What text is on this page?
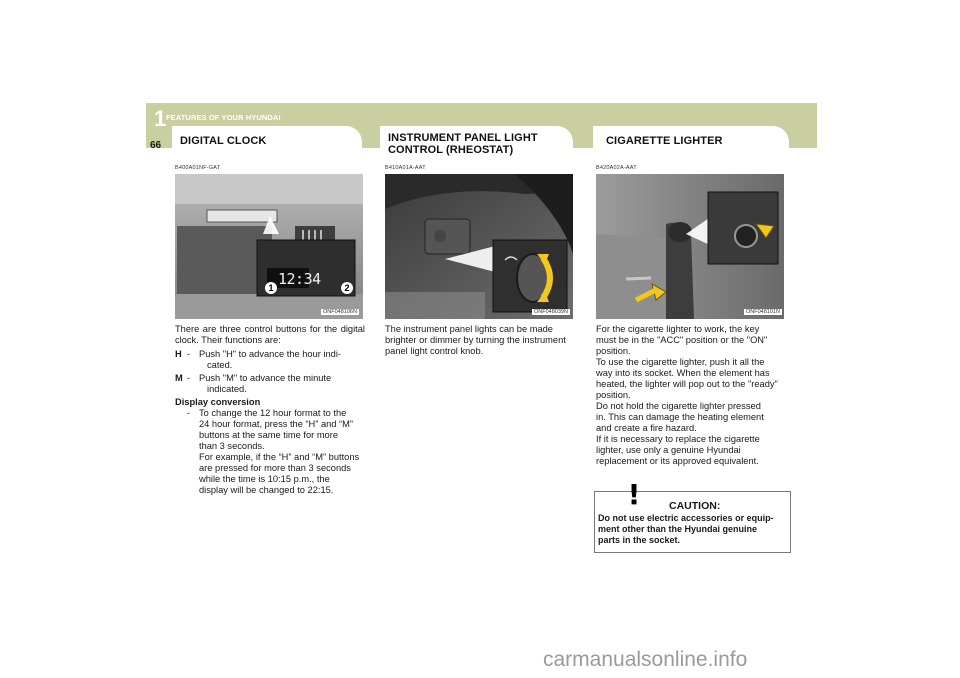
1 FEATURES OF YOUR HYUNDAI
66	DIGITAL CLOCK	INSTRUMENT PANEL LIGHT
CONTROL (RHEOSTAT)
CIGARETTE LIGHTER
B400A01NF-GAT	B410A01A-AAT	B420A02A-AAT
12:34
1	2
ONF048106N	ONF048039N	ONF048101N

There are three control buttons for the digital clock. Their functions are:

H - Push "H" to advance the hour indi-
cated.
M - Push "M" to advance the minute
indicated.
Display conversion
- To change the 12 hour format to the
24 hour format, press the “H” and “M”
buttons at the same time for more
than 3 seconds.
For example, if the “H” and “M” buttons
are pressed for more than 3 seconds
while the time is 10:15 p.m., the
display will be changed to 22:15.
The instrument panel lights can be made
brighter or dimmer by turning the instrument
panel light control knob.
For the cigarette lighter to work, the key
must be in the "ACC" position or the "ON"
position.
To use the cigarette lighter, push it all the
way into its socket. When the element has
heated, the lighter will pop out to the "ready"
position.
Do not hold the cigarette lighter pressed
in. This can damage the heating element
and create a fire hazard.
If it is necessary to replace the cigarette
lighter, use only a genuine Hyundai
replacement or its approved equivalent.
!	CAUTION:
Do not use electric accessories or equip-
ment other than the Hyundai genuine
parts in the socket.
carmanualsonline.info
